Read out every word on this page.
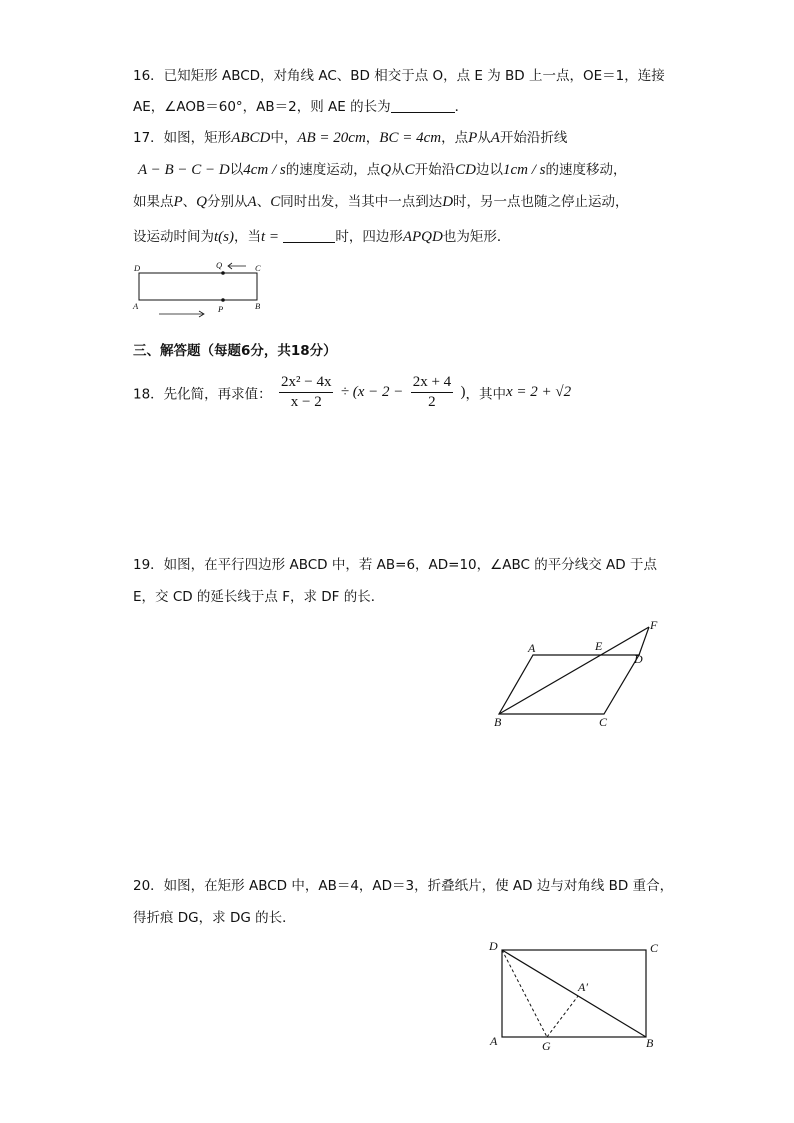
16．已知矩形 ABCD，对角线 AC、BD 相交于点 O，点 E 为 BD 上一点，OE＝1，连接
AE，∠AOB＝60°，AB＝2，则 AE 的长为	．
17．如图，矩形ABCD中，AB = 20cm，BC = 4cm，点P从A开始沿折线
A − B − C − D以4cm / s的速度运动，点Q从C开始沿CD边以1cm / s的速度移动，
如果点P、Q分别从A、C同时出发，当其中一点到达D时，另一点也随之停止运动，
设运动时间为t(s)，当t =	时，四边形APQD也为矩形．
D	Q	C
A	P	B
三、解答题（每题6分，共18分）
18．先化简，再求值： $\frac{\text{2x² − 4x}}{x - 2} \div (x - 2 - \frac{2x + 4}{2}$ )，其中x = 2 + √2
19．如图，在平行四边形 ABCD 中，若 AB=6，AD=10，∠ABC 的平分线交 AD 于点
E，交 CD 的延长线于点 F，求 DF 的长．
A	E
F
D
B	C
20．如图，在矩形 ABCD 中，AB＝4，AD＝3，折叠纸片，使 AD 边与对角线 BD 重合，
得折痕 DG，求 DG 的长．
D	C
A′
A	G	B
